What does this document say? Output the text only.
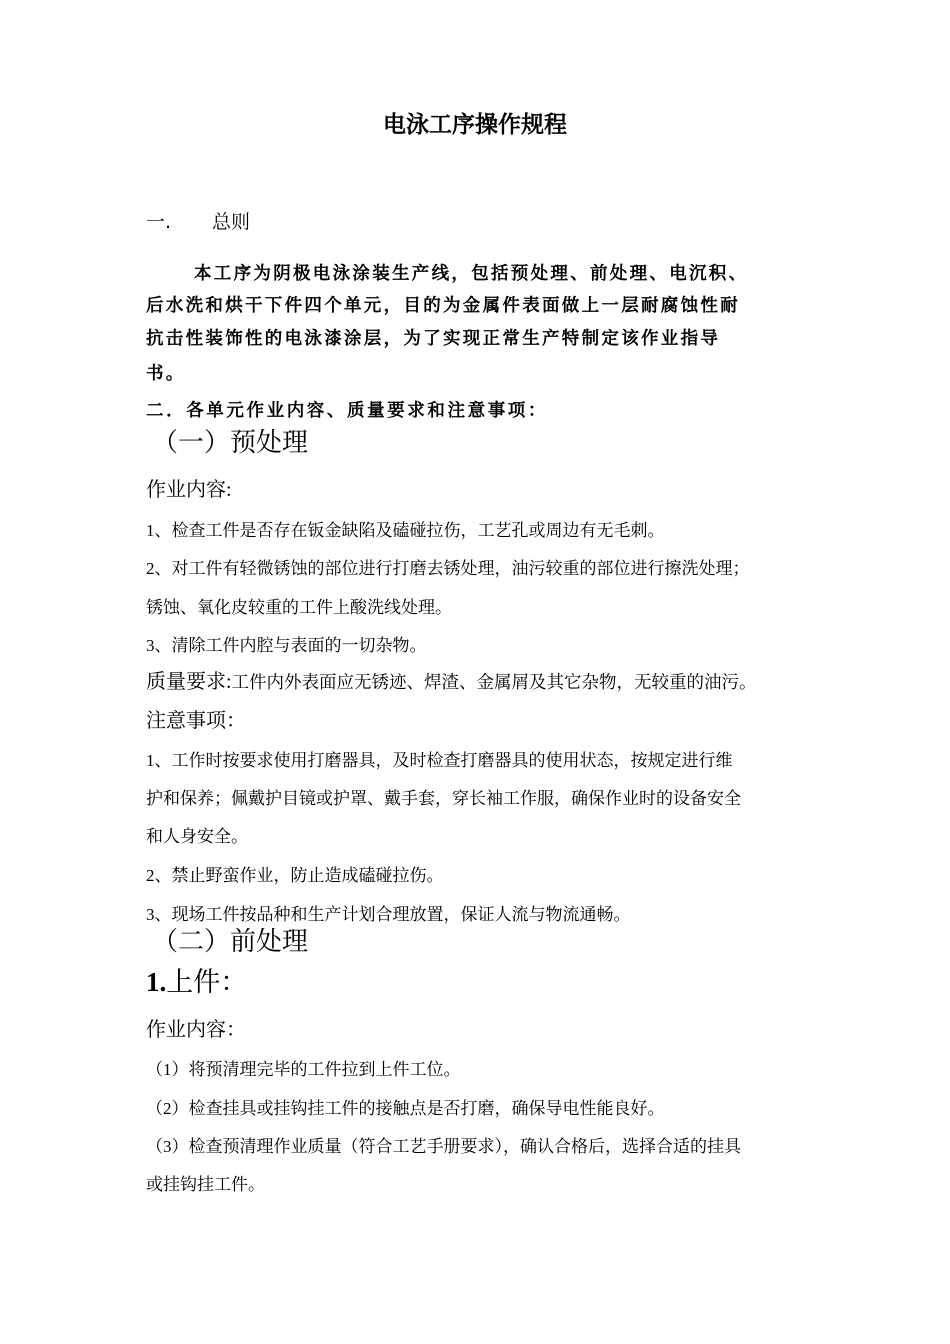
电泳工序操作规程
一. 总则
本工序为阴极电泳涂装生产线，包括预处理、前处理、电沉积、
后水洗和烘干下件四个单元，目的为金属件表面做上一层耐腐蚀性耐
抗击性装饰性的电泳漆涂层，为了实现正常生产特制定该作业指导
书。
二．各单元作业内容、质量要求和注意事项：
（一）预处理
作业内容:
1、检查工件是否存在钣金缺陷及磕碰拉伤，工艺孔或周边有无毛刺。
2、对工件有轻微锈蚀的部位进行打磨去锈处理，油污较重的部位进行擦洗处理；
锈蚀、氧化皮较重的工件上酸洗线处理。
3、清除工件内腔与表面的一切杂物。
质量要求:工件内外表面应无锈迹、焊渣、金属屑及其它杂物，无较重的油污。
注意事项：
1、工作时按要求使用打磨器具，及时检查打磨器具的使用状态，按规定进行维
护和保养；佩戴护目镜或护罩、戴手套，穿长袖工作服，确保作业时的设备安全
和人身安全。
2、禁止野蛮作业，防止造成磕碰拉伤。
3、现场工件按品种和生产计划合理放置，保证人流与物流通畅。
（二）前处理
1.上件：
作业内容：
（1）将预清理完毕的工件拉到上件工位。
（2）检查挂具或挂钩挂工件的接触点是否打磨，确保导电性能良好。
（3）检查预清理作业质量（符合工艺手册要求），确认合格后，选择合适的挂具
或挂钩挂工件。
